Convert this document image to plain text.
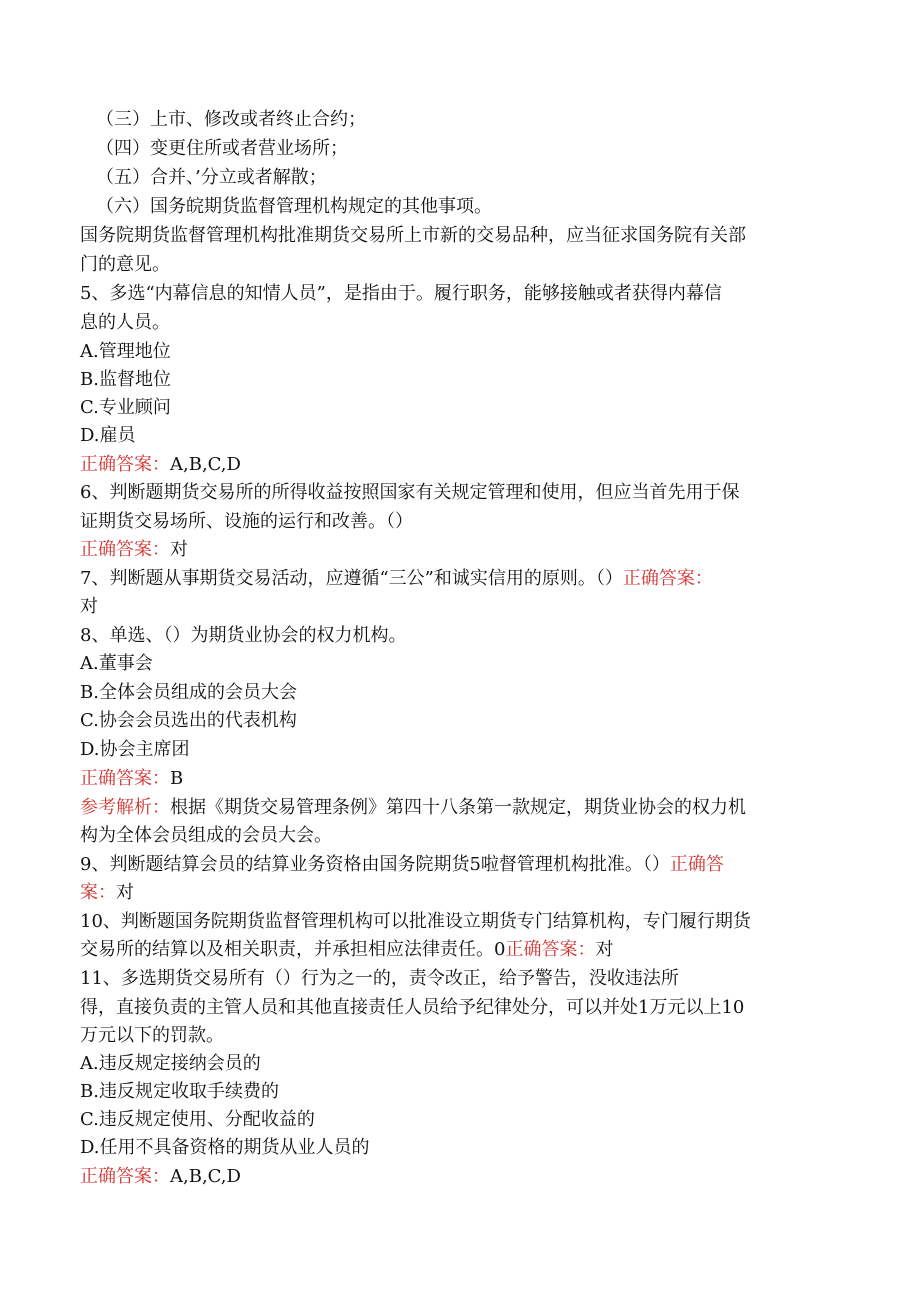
（三）上市、修改或者终止合约；
（四）变更住所或者营业场所；
（五）合并、’分立或者解散；
（六）国务皖期货监督管理机构规定的其他事项。
国务院期货监督管理机构批准期货交易所上市新的交易品种，应当征求国务院有关部
门的意见。
5、多选“内幕信息的知情人员”，是指由于。履行职务，能够接触或者获得内幕信
息的人员。
A.管理地位
B.监督地位
C.专业顾问
D.雇员
正确答案：A,B,C,D
6、判断题期货交易所的所得收益按照国家有关规定管理和使用，但应当首先用于保
证期货交易场所、设施的运行和改善。（）
正确答案：对
7、判断题从事期货交易活动，应遵循“三公”和诚实信用的原则。（）正确答案：
对
8、单选、（）为期货业协会的权力机构。
A.董事会
B.全体会员组成的会员大会
C.协会会员选出的代表机构
D.协会主席团
正确答案：B
参考解析：根据《期货交易管理条例》第四十八条第一款规定，期货业协会的权力机
构为全体会员组成的会员大会。
9、判断题结算会员的结算业务资格由国务院期货5啦督管理机构批准。（）正确答
案：对
10、判断题国务院期货监督管理机构可以批准设立期货专门结算机构，专门履行期货
交易所的结算以及相关职责，并承担相应法律责任。0正确答案：对
11、多选期货交易所有（）行为之一的，责令改正，给予警告，没收违法所
得，直接负责的主管人员和其他直接责任人员给予纪律处分，可以并处1万元以上10
万元以下的罚款。
A.违反规定接纳会员的
B.违反规定收取手续费的
C.违反规定使用、分配收益的
D.任用不具备资格的期货从业人员的
正确答案：A,B,C,D
